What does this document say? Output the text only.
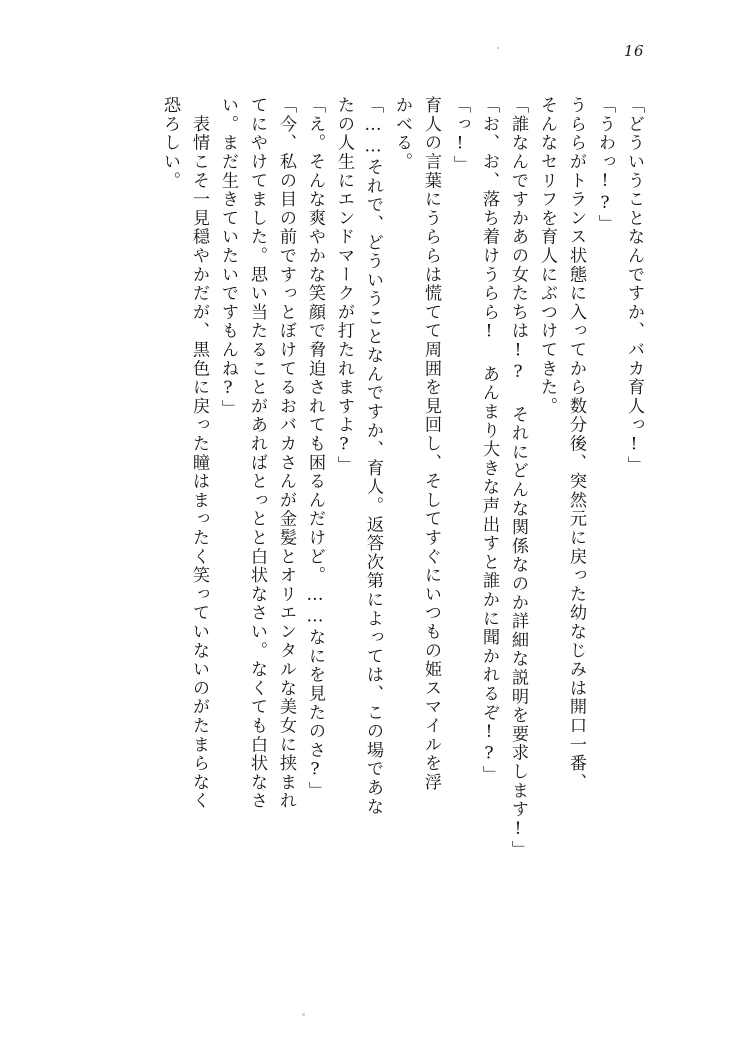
16
「どういうことなんですか、バカ育人っ!」
「うわっ!?」
うららがトランス状態に入ってから数分後、突然元に戻った幼なじみは開口一番、
そんなセリフを育人にぶつけてきた。
「誰なんですかあの女たちは!? それにどんな関係なのか詳細な説明を要求します!」
「お、お、落ち着けうらら! あんまり大きな声出すと誰かに聞かれるぞ!?」
「っ!」
育人の言葉にうららは慌てて周囲を見回し、そしてすぐにいつもの姫スマイルを浮
かべる。
「……それで、どういうことなんですか、育人。返答次第によっては、この場であな
たの人生にエンドマークが打たれますよ?」
「え。そんな爽やかな笑顔で脅迫されても困るんだけど。……なにを見たのさ?」
「今、私の目の前ですっとぼけてるおバカさんが金髪とオリエンタルな美女に挟まれ
てにやけてました。思い当たることがあればとっとと白状なさい。なくても白状なさ
い。まだ生きていたいですもんね?」
　表情こそ一見穏やかだが、黒色に戻った瞳はまったく笑っていないのがたまらなく
恐ろしい。
